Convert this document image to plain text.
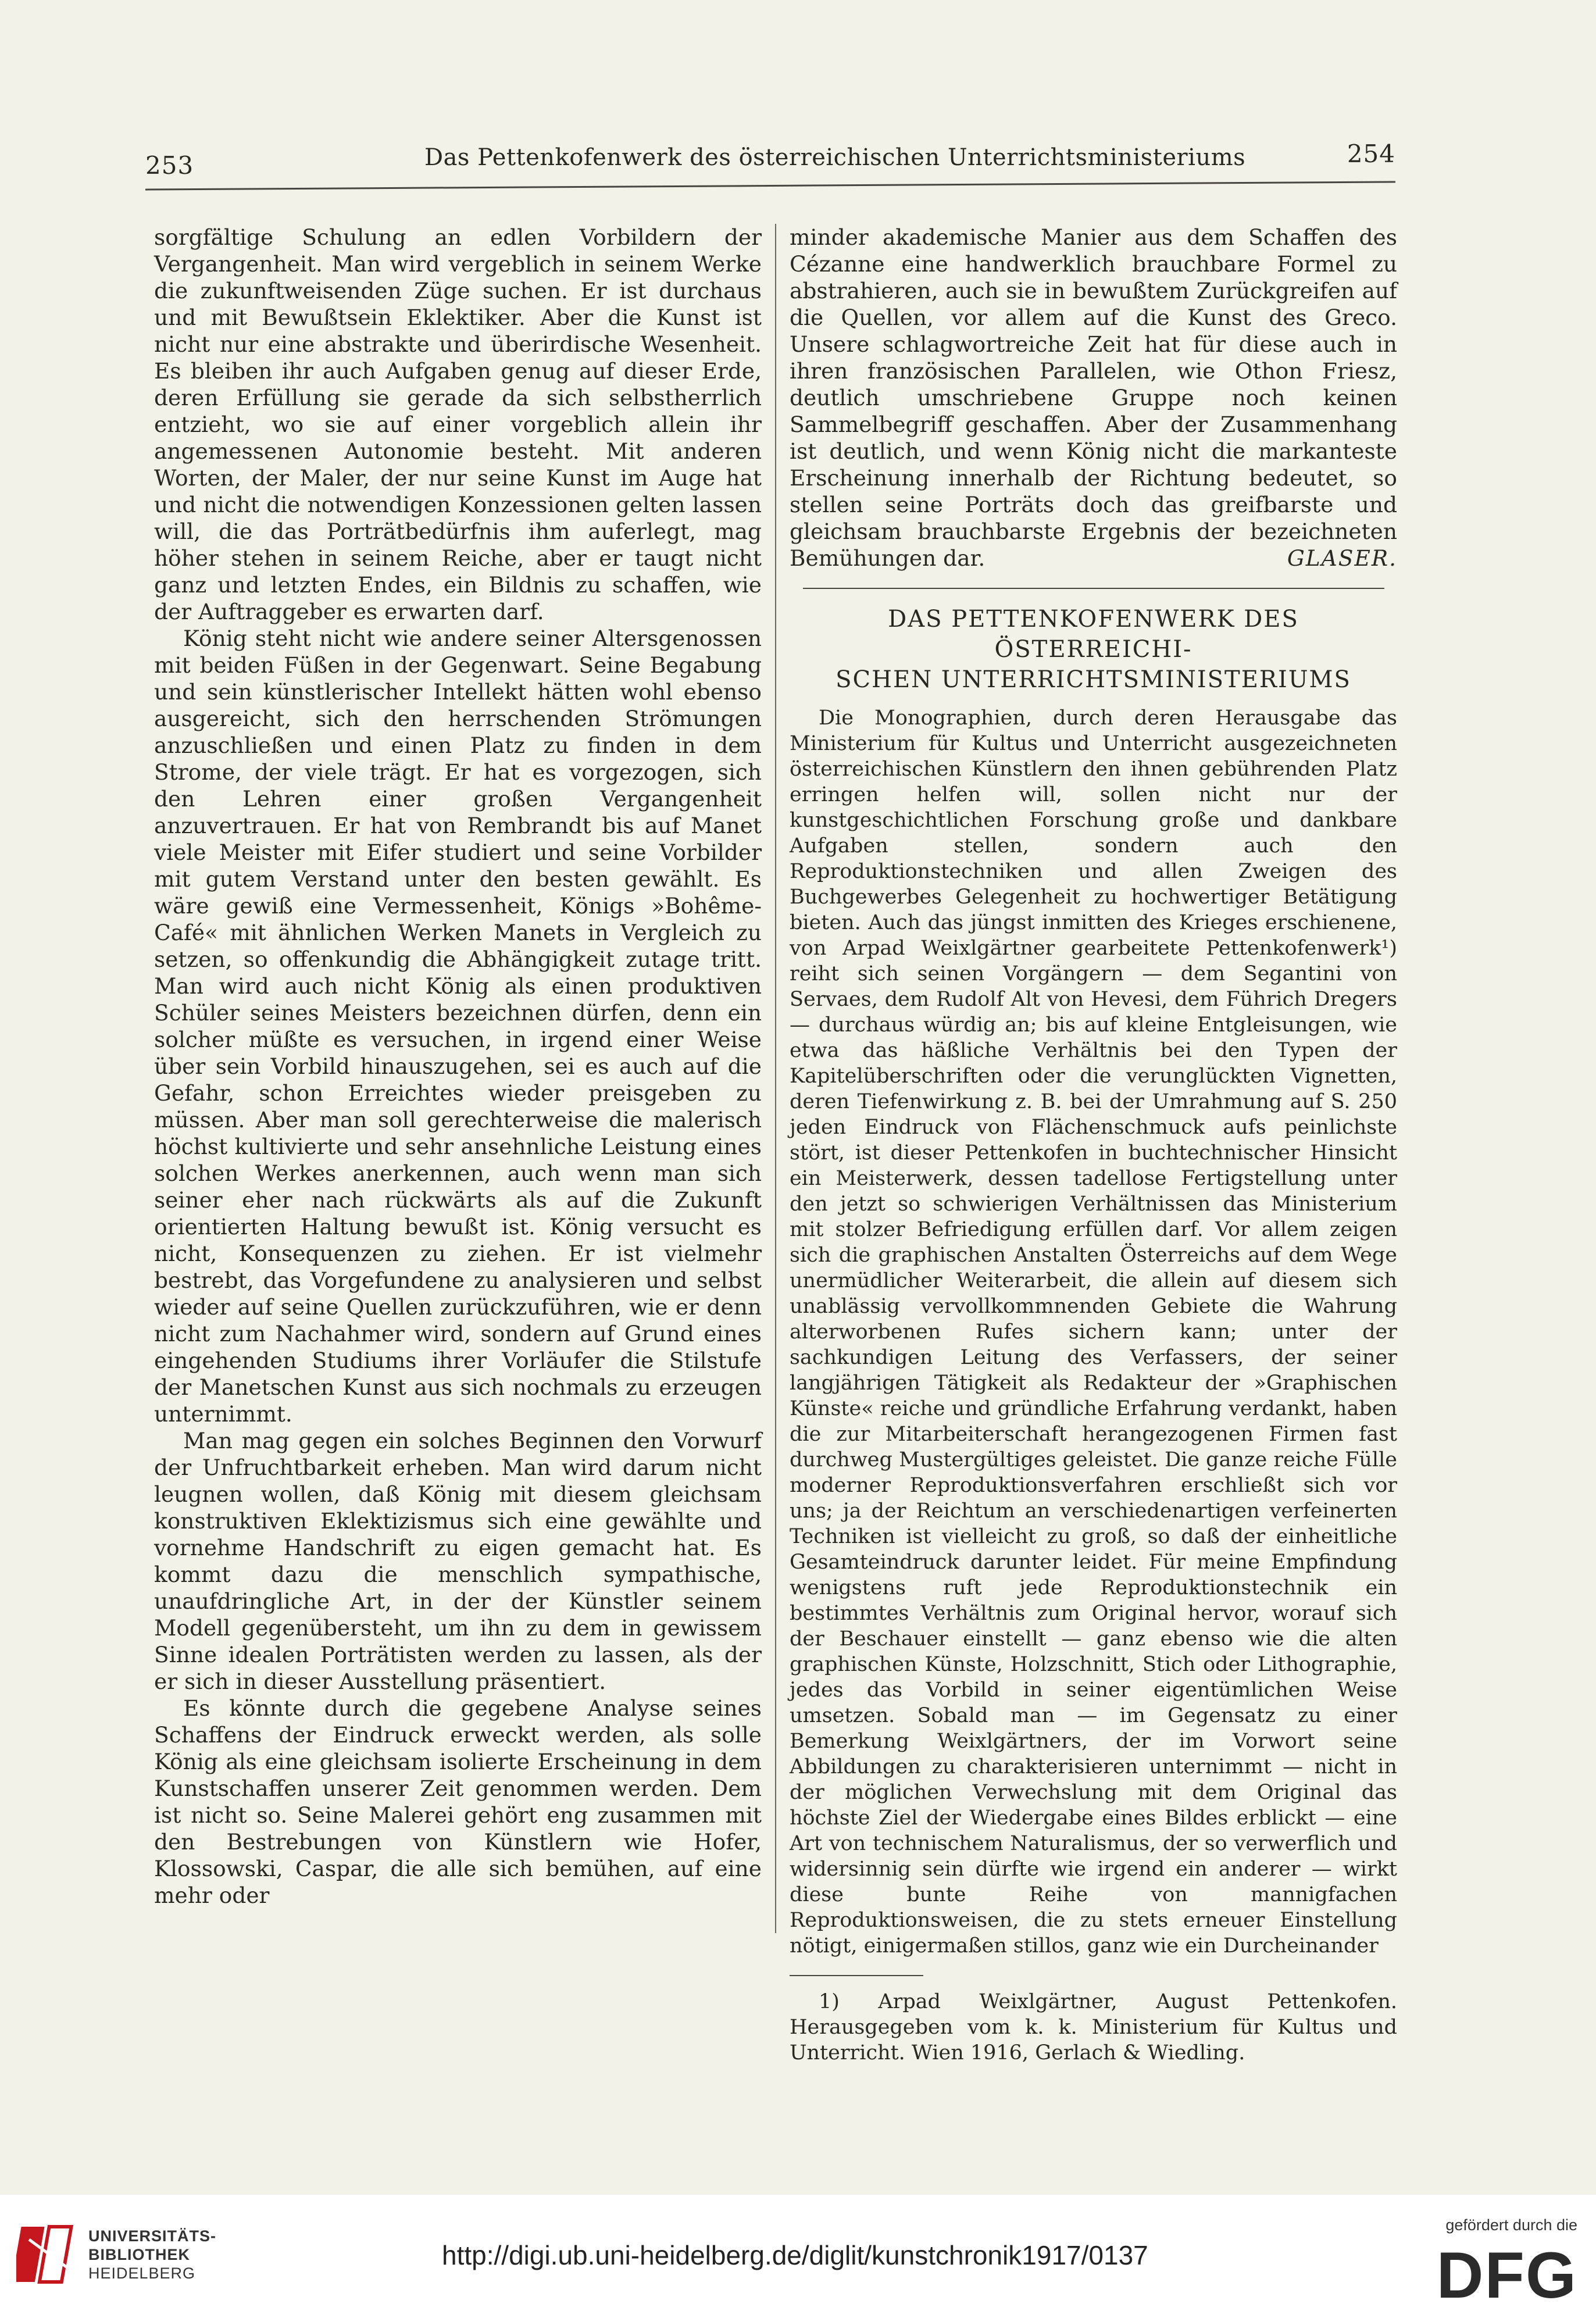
253	Das Pettenkofenwerk des österreichischen Unterrichtsministeriums	254

sorgfältige Schulung an edlen Vorbildern der Vergangenheit. Man wird vergeblich in seinem Werke die zukunftweisenden Züge suchen. Er ist durchaus und mit Bewußtsein Eklektiker. Aber die Kunst ist nicht nur eine abstrakte und überirdische Wesenheit. Es bleiben ihr auch Aufgaben genug auf dieser Erde, deren Erfüllung sie gerade da sich selbstherrlich entzieht, wo sie auf einer vorgeblich allein ihr angemessenen Autonomie besteht. Mit anderen Worten, der Maler, der nur seine Kunst im Auge hat und nicht die notwendigen Konzessionen gelten lassen will, die das Porträtbedürfnis ihm auferlegt, mag höher stehen in seinem Reiche, aber er taugt nicht ganz und letzten Endes, ein Bildnis zu schaffen, wie der Auftraggeber es erwarten darf.

König steht nicht wie andere seiner Altersgenossen mit beiden Füßen in der Gegenwart. Seine Begabung und sein künstlerischer Intellekt hätten wohl ebenso ausgereicht, sich den herrschenden Strömungen anzuschließen und einen Platz zu finden in dem Strome, der viele trägt. Er hat es vorgezogen, sich den Lehren einer großen Vergangenheit anzuvertrauen. Er hat von Rembrandt bis auf Manet viele Meister mit Eifer studiert und seine Vorbilder mit gutem Verstand unter den besten gewählt. Es wäre gewiß eine Vermessenheit, Königs »Bohême-Café« mit ähnlichen Werken Manets in Vergleich zu setzen, so offenkundig die Abhängigkeit zutage tritt. Man wird auch nicht König als einen produktiven Schüler seines Meisters bezeichnen dürfen, denn ein solcher müßte es versuchen, in irgend einer Weise über sein Vorbild hinauszugehen, sei es auch auf die Gefahr, schon Erreichtes wieder preisgeben zu müssen. Aber man soll gerechterweise die malerisch höchst kultivierte und sehr ansehnliche Leistung eines solchen Werkes anerkennen, auch wenn man sich seiner eher nach rückwärts als auf die Zukunft orientierten Haltung bewußt ist. König versucht es nicht, Konsequenzen zu ziehen. Er ist vielmehr bestrebt, das Vorgefundene zu analysieren und selbst wieder auf seine Quellen zurückzuführen, wie er denn nicht zum Nachahmer wird, sondern auf Grund eines eingehenden Studiums ihrer Vorläufer die Stilstufe der Manetschen Kunst aus sich nochmals zu erzeugen unternimmt.

Man mag gegen ein solches Beginnen den Vorwurf der Unfruchtbarkeit erheben. Man wird darum nicht leugnen wollen, daß König mit diesem gleichsam konstruktiven Eklektizismus sich eine gewählte und vornehme Handschrift zu eigen gemacht hat. Es kommt dazu die menschlich sympathische, unaufdringliche Art, in der der Künstler seinem Modell gegenübersteht, um ihn zu dem in gewissem Sinne idealen Porträtisten werden zu lassen, als der er sich in dieser Ausstellung präsentiert.

Es könnte durch die gegebene Analyse seines Schaffens der Eindruck erweckt werden, als solle König als eine gleichsam isolierte Erscheinung in dem Kunstschaffen unserer Zeit genommen werden. Dem ist nicht so. Seine Malerei gehört eng zusammen mit den Bestrebungen von Künstlern wie Hofer, Klossowski, Caspar, die alle sich bemühen, auf eine mehr oder

minder akademische Manier aus dem Schaffen des Cézanne eine handwerklich brauchbare Formel zu abstrahieren, auch sie in bewußtem Zurückgreifen auf die Quellen, vor allem auf die Kunst des Greco. Unsere schlagwortreiche Zeit hat für diese auch in ihren französischen Parallelen, wie Othon Friesz, deutlich umschriebene Gruppe noch keinen Sammelbegriff geschaffen. Aber der Zusammenhang ist deutlich, und wenn König nicht die markanteste Erscheinung innerhalb der Richtung bedeutet, so stellen seine Porträts doch das greifbarste und gleichsam brauchbarste Ergebnis der bezeichneten Bemühungen dar.	GLASER.

DAS PETTENKOFENWERK DES ÖSTERREICHI-
SCHEN UNTERRICHTSMINISTERIUMS

Die Monographien, durch deren Herausgabe das Ministerium für Kultus und Unterricht ausgezeichneten österreichischen Künstlern den ihnen gebührenden Platz erringen helfen will, sollen nicht nur der kunstgeschichtlichen Forschung große und dankbare Aufgaben stellen, sondern auch den Reproduktionstechniken und allen Zweigen des Buchgewerbes Gelegenheit zu hochwertiger Betätigung bieten. Auch das jüngst inmitten des Krieges erschienene, von Arpad Weixlgärtner gearbeitete Pettenkofenwerk¹) reiht sich seinen Vorgängern — dem Segantini von Servaes, dem Rudolf Alt von Hevesi, dem Führich Dregers — durchaus würdig an; bis auf kleine Entgleisungen, wie etwa das häßliche Verhältnis bei den Typen der Kapitelüberschriften oder die verunglückten Vignetten, deren Tiefenwirkung z. B. bei der Umrahmung auf S. 250 jeden Eindruck von Flächenschmuck aufs peinlichste stört, ist dieser Pettenkofen in buchtechnischer Hinsicht ein Meisterwerk, dessen tadellose Fertigstellung unter den jetzt so schwierigen Verhältnissen das Ministerium mit stolzer Befriedigung erfüllen darf. Vor allem zeigen sich die graphischen Anstalten Österreichs auf dem Wege unermüdlicher Weiterarbeit, die allein auf diesem sich unablässig vervollkommnenden Gebiete die Wahrung alterworbenen Rufes sichern kann; unter der sachkundigen Leitung des Verfassers, der seiner langjährigen Tätigkeit als Redakteur der »Graphischen Künste« reiche und gründliche Erfahrung verdankt, haben die zur Mitarbeiterschaft herangezogenen Firmen fast durchweg Mustergültiges geleistet. Die ganze reiche Fülle moderner Reproduktionsverfahren erschließt sich vor uns; ja der Reichtum an verschiedenartigen verfeinerten Techniken ist vielleicht zu groß, so daß der einheitliche Gesamteindruck darunter leidet. Für meine Empfindung wenigstens ruft jede Reproduktionstechnik ein bestimmtes Verhältnis zum Original hervor, worauf sich der Beschauer einstellt — ganz ebenso wie die alten graphischen Künste, Holzschnitt, Stich oder Lithographie, jedes das Vorbild in seiner eigentümlichen Weise umsetzen. Sobald man — im Gegensatz zu einer Bemerkung Weixlgärtners, der im Vorwort seine Abbildungen zu charakterisieren unternimmt — nicht in der möglichen Verwechslung mit dem Original das höchste Ziel der Wiedergabe eines Bildes erblickt — eine Art von technischem Naturalismus, der so verwerflich und widersinnig sein dürfte wie irgend ein anderer — wirkt diese bunte Reihe von mannigfachen Reproduktionsweisen, die zu stets erneuer Einstellung nötigt, einigermaßen stillos, ganz wie ein Durcheinander

1) Arpad Weixlgärtner, August Pettenkofen. Herausgegeben vom k. k. Ministerium für Kultus und Unterricht. Wien 1916, Gerlach & Wiedling.

UNIVERSITÄTS-
BIBLIOTHEK
HEIDELBERG
http://digi.ub.uni-heidelberg.de/diglit/kunstchronik1917/0137
gefördert durch die
DFG
